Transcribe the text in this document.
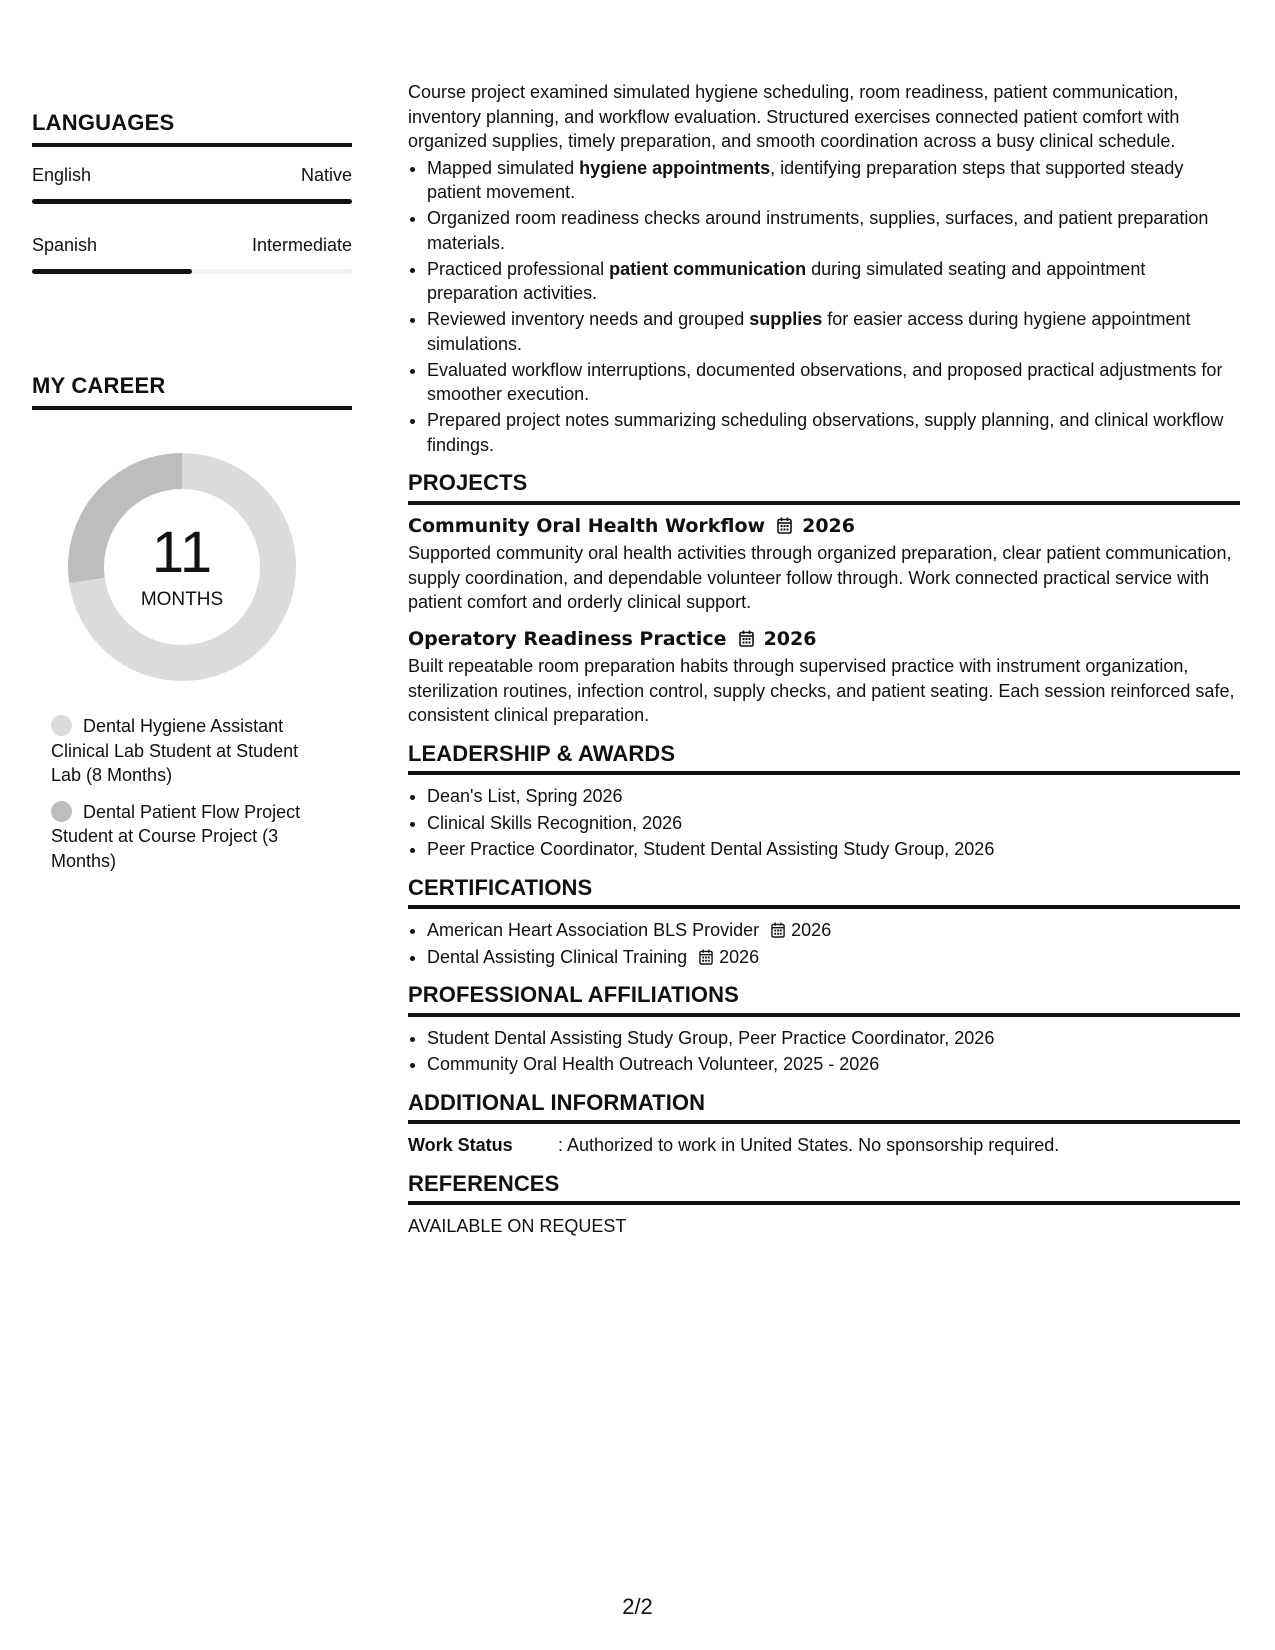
LANGUAGES
English	Native
Spanish	Intermediate
MY CAREER
11
MONTHS
Dental Hygiene Assistant Clinical Lab Student at Student Lab (8 Months)
Dental Patient Flow Project Student at Course Project (3 Months)

Course project examined simulated hygiene scheduling, room readiness, patient communication, inventory planning, and workflow evaluation. Structured exercises connected patient comfort with organized supplies, timely preparation, and smooth coordination across a busy clinical schedule.

• Mapped simulated hygiene appointments, identifying preparation steps that supported steady patient movement.
• Organized room readiness checks around instruments, supplies, surfaces, and patient preparation materials.
• Practiced professional patient communication during simulated seating and appointment preparation activities.
• Reviewed inventory needs and grouped supplies for easier access during hygiene appointment simulations.
• Evaluated workflow interruptions, documented observations, and proposed practical adjustments for smoother execution.
• Prepared project notes summarizing scheduling observations, supply planning, and clinical workflow findings.
PROJECTS
Community Oral Health Workflow 2026

Supported community oral health activities through organized preparation, clear patient communication, supply coordination, and dependable volunteer follow through. Work connected practical service with patient comfort and orderly clinical support.

Operatory Readiness Practice 2026

Built repeatable room preparation habits through supervised practice with instrument organization, sterilization routines, infection control, supply checks, and patient seating. Each session reinforced safe, consistent clinical preparation.

LEADERSHIP & AWARDS
• Dean's List, Spring 2026
• Clinical Skills Recognition, 2026
• Peer Practice Coordinator, Student Dental Assisting Study Group, 2026
CERTIFICATIONS
• American Heart Association BLS Provider 2026
• Dental Assisting Clinical Training 2026
PROFESSIONAL AFFILIATIONS
• Student Dental Assisting Study Group, Peer Practice Coordinator, 2026
• Community Oral Health Outreach Volunteer, 2025 - 2026
ADDITIONAL INFORMATION
Work Status	: Authorized to work in United States. No sponsorship required.
REFERENCES
AVAILABLE ON REQUEST
2/2
